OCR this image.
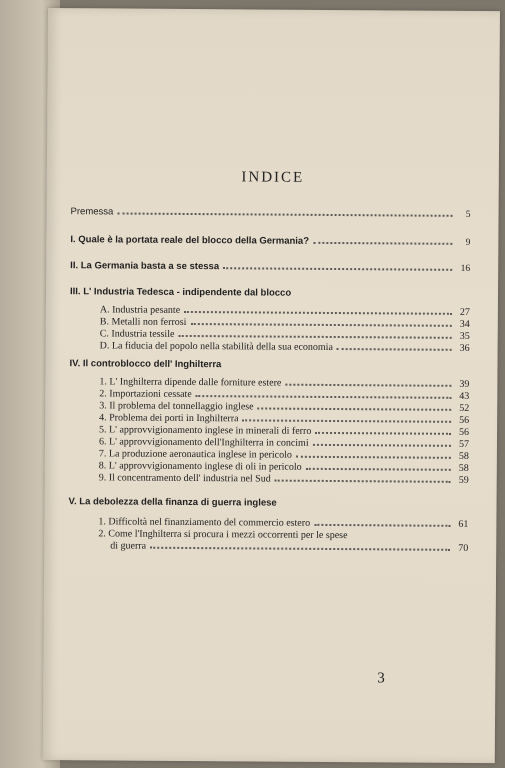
INDICE
Premessa	5
I. Quale è la portata reale del blocco della Germania?	9
II. La Germania basta a se stessa	16
III. L' Industria Tedesca - indipendente dal blocco
A. Industria pesante	27
B. Metalli non ferrosi	34
C. Industria tessile	35
D. La fiducia del popolo nella stabilità della sua economia	36
IV. Il controblocco dell' Inghilterra
1. L' Inghilterra dipende dalle forniture estere	39
2. Importazioni cessate	43
3. Il problema del tonnellaggio inglese	52
4. Problema dei porti in Inghilterra	56
5. L' approvvigionamento inglese in minerali di ferro	56
6. L' approvvigionamento dell'Inghilterra in concimi	57
7. La produzione aeronautica inglese in pericolo	58
8. L' approvvigionamento inglese di oli in pericolo	58
9. Il concentramento dell' industria nel Sud	59
V. La debolezza della finanza di guerra inglese
1. Difficoltà nel finanziamento del commercio estero	61
2. Come l'Inghilterra si procura i mezzi occorrenti per le spese
di guerra	70
3
